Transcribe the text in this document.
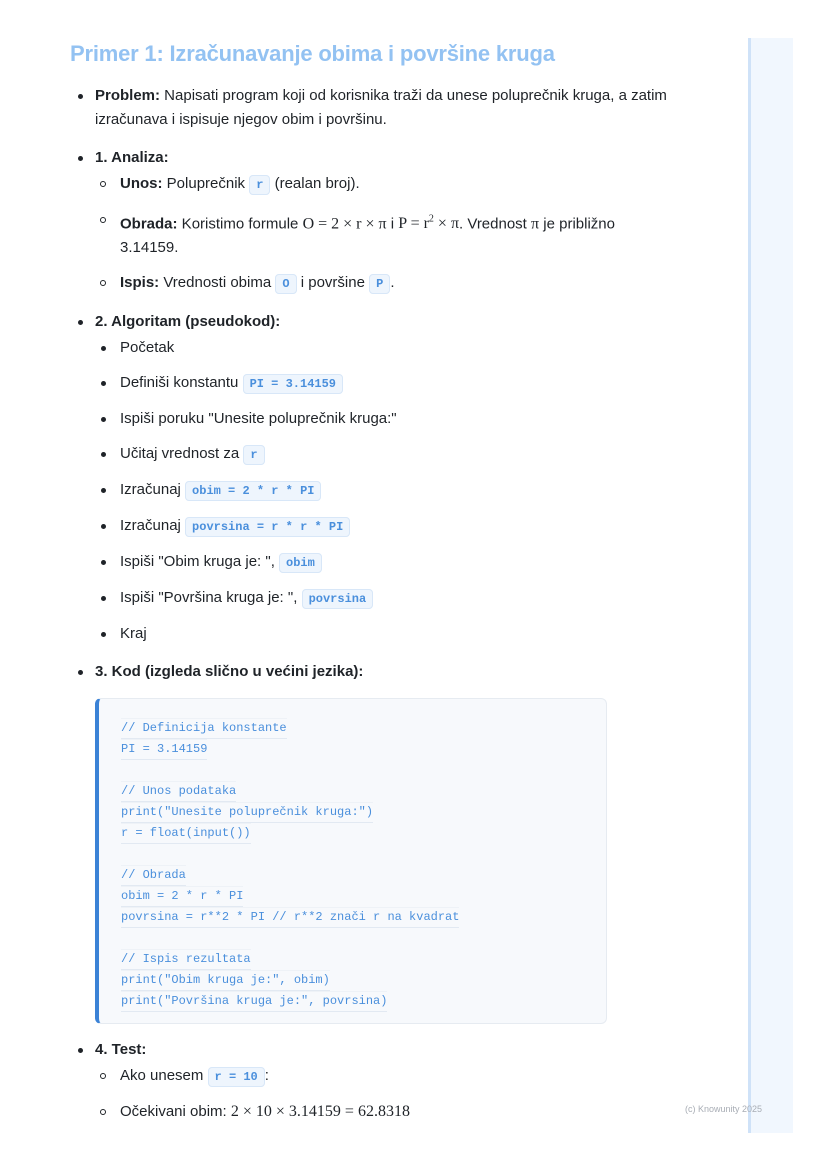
Primer 1: Izračunavanje obima i površine kruga
Problem: Napisati program koji od korisnika traži da unese poluprečnik kruga, a zatim izračunava i ispisuje njegov obim i površinu.
1. Analiza:
Unos: Poluprečnik r (realan broj).
Obrada: Koristimo formule O = 2 × r × π i $P = r^2 \times \pi$. Vrednost π je približno 3.14159.
Ispis: Vrednosti obima O i površine P .
2. Algoritam (pseudokod):
Početak
Definiši konstantu PI = 3.14159
Ispiši poruku "Unesite poluprečnik kruga:"
Učitaj vrednost za r
Izračunaj obim = 2 * r * PI
Izračunaj povrsina = r * r * PI
Ispiši "Obim kruga je: ", obim
Ispiši "Površina kruga je: ", povrsina
Kraj
3. Kod (izgleda slično u većini jezika):
// Definicija konstante
PI = 3.14159
// Unos podataka
print("Unesite poluprečnik kruga:")
r = float(input())
// Obrada
obim = 2 * r * PI
povrsina = r**2 * PI // r**2 znači r na kvadrat
// Ispis rezultata
print("Obim kruga je:", obim)
print("Površina kruga je:", povrsina)
4. Test:
Ako unesem r = 10 :
Očekivani obim: 2 × 10 × 3.14159 = 62.8318	(c) Knowunity 2025
